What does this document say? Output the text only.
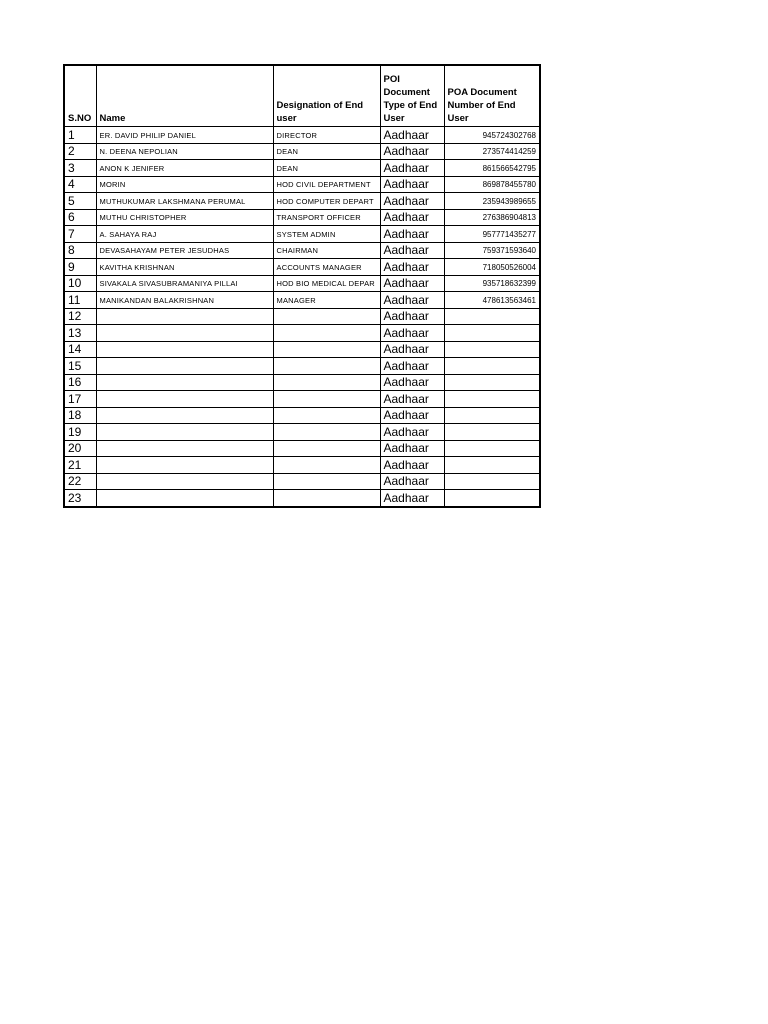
S.NO	Name	Designation of End user	POI Document Type of End User	POA Document Number of End User
1	ER. DAVID PHILIP DANIEL	DIRECTOR	Aadhaar	945724302768
2	N. DEENA NEPOLIAN	DEAN	Aadhaar	273574414259
3	ANON K JENIFER	DEAN	Aadhaar	861566542795
4	MORIN	HOD CIVIL DEPARTMENT	Aadhaar	869878455780
5	MUTHUKUMAR LAKSHMANA PERUMAL	HOD COMPUTER DEPART	Aadhaar	235943989655
6	MUTHU CHRISTOPHER	TRANSPORT OFFICER	Aadhaar	276386904813
7	A. SAHAYA RAJ	SYSTEM ADMIN	Aadhaar	957771435277
8	DEVASAHAYAM PETER JESUDHAS	CHAIRMAN	Aadhaar	759371593640
9	KAVITHA KRISHNAN	ACCOUNTS MANAGER	Aadhaar	718050526004
10	SIVAKALA SIVASUBRAMANIYA PILLAI	HOD BIO MEDICAL DEPAR	Aadhaar	935718632399
11	MANIKANDAN BALAKRISHNAN	MANAGER	Aadhaar	478613563461
12			Aadhaar	
13			Aadhaar	
14			Aadhaar	
15			Aadhaar	
16			Aadhaar	
17			Aadhaar	
18			Aadhaar	
19			Aadhaar	
20			Aadhaar	
21			Aadhaar	
22			Aadhaar	
23			Aadhaar	
